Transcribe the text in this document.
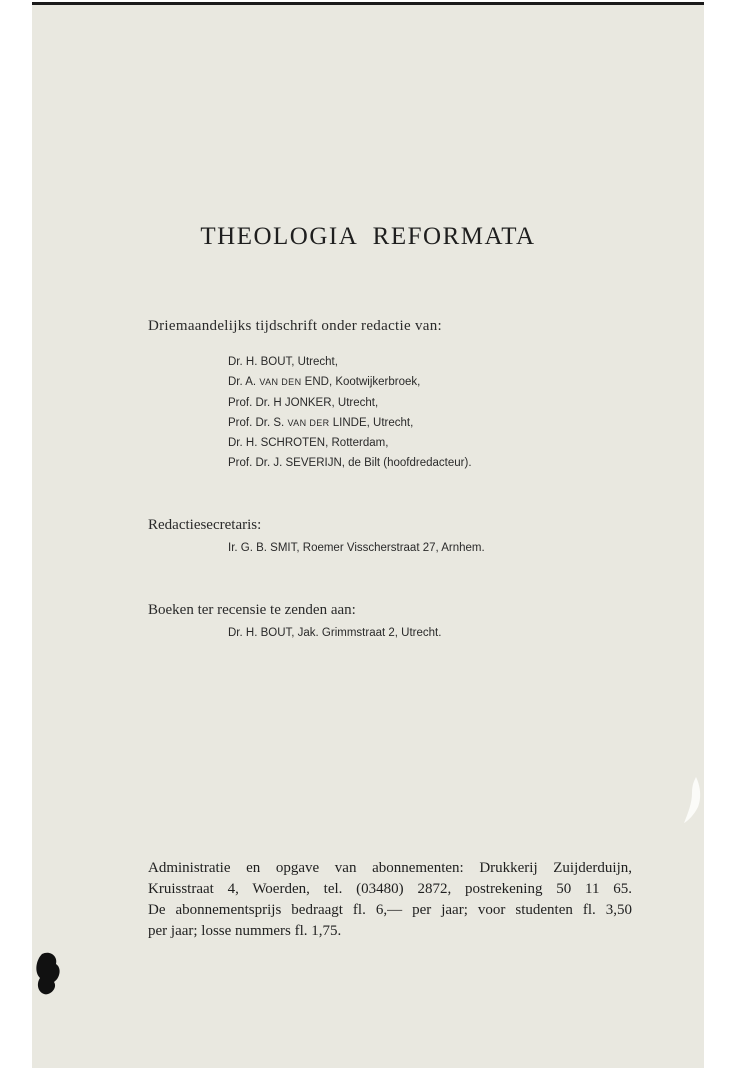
THEOLOGIA REFORMATA
Driemaandelijks tijdschrift onder redactie van:
Dr. H. BOUT, Utrecht,
Dr. A. VAN DEN END, Kootwijkerbroek,
Prof. Dr. H JONKER, Utrecht,
Prof. Dr. S. VAN DER LINDE, Utrecht,
Dr. H. SCHROTEN, Rotterdam,
Prof. Dr. J. SEVERIJN, de Bilt (hoofdredacteur).
Redactiesecretaris:
Ir. G. B. SMIT, Roemer Visscherstraat 27, Arnhem.
Boeken ter recensie te zenden aan:
Dr. H. BOUT, Jak. Grimmstraat 2, Utrecht.
Administratie en opgave van abonnementen: Drukkerij Zuijderduijn,
Kruisstraat 4, Woerden, tel. (03480) 2872, postrekening 50 11 65.
De abonnementsprijs bedraagt fl. 6,— per jaar; voor studenten fl. 3,50
per jaar; losse nummers fl. 1,75.
